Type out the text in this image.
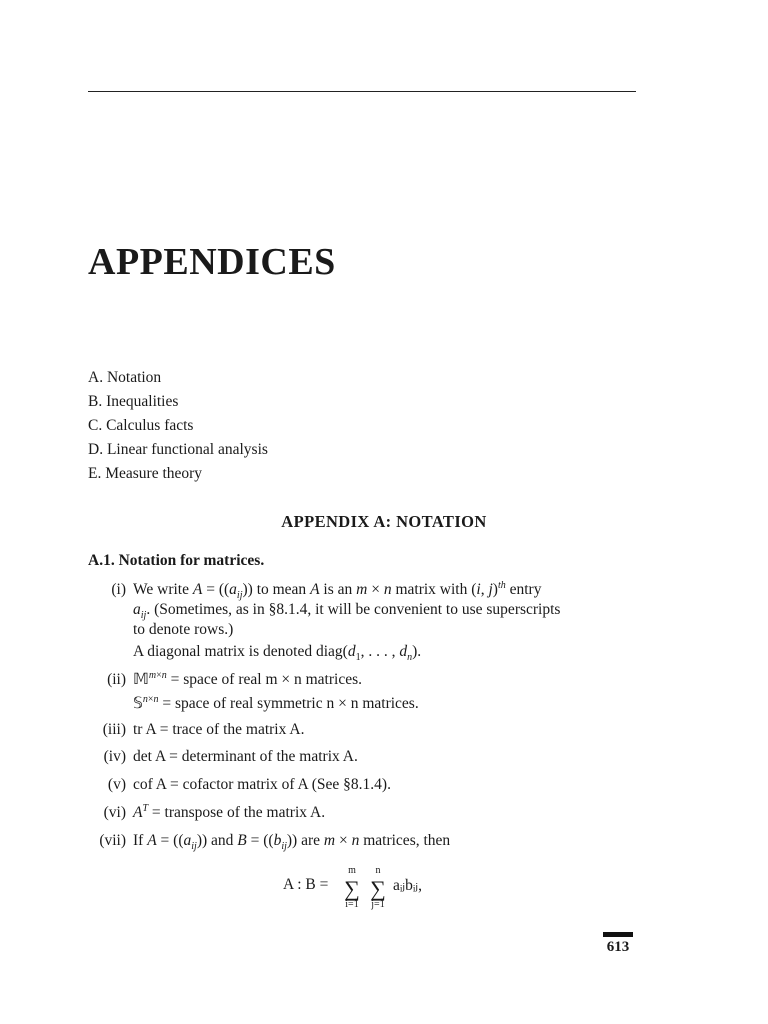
APPENDICES
A. Notation
B. Inequalities
C. Calculus facts
D. Linear functional analysis
E. Measure theory
APPENDIX A: NOTATION
A.1. Notation for matrices.
(i) We write $A = ((a_{ij}))$ to mean A is an m × n matrix with (i, j)$^{th}$ entry
$a_{ij}$. (Sometimes, as in §8.1.4, it will be convenient to use superscripts
to denote rows.)
A diagonal matrix is denoted $diag(d_1$, . . . , $d_n$).
(ii) 𝕄$^{m\times n}$ = space of real m × n matrices.
𝕊$^{n\times n}$ = space of real symmetric n × n matrices.
(iii) tr A = trace of the matrix A.
(iv) det A = determinant of the matrix A.
(v) cof A = cofactor matrix of A (See §8.1.4).
(vi) $A^T$ = transpose of the matrix A.
(vii) If $A = ((a_{ij}))$ and $B = ((b_{ij}))$ are m × n matrices, then
A : B =
m
∑
i=1
n
∑
j=1
aᵢⱼbᵢⱼ,
613
